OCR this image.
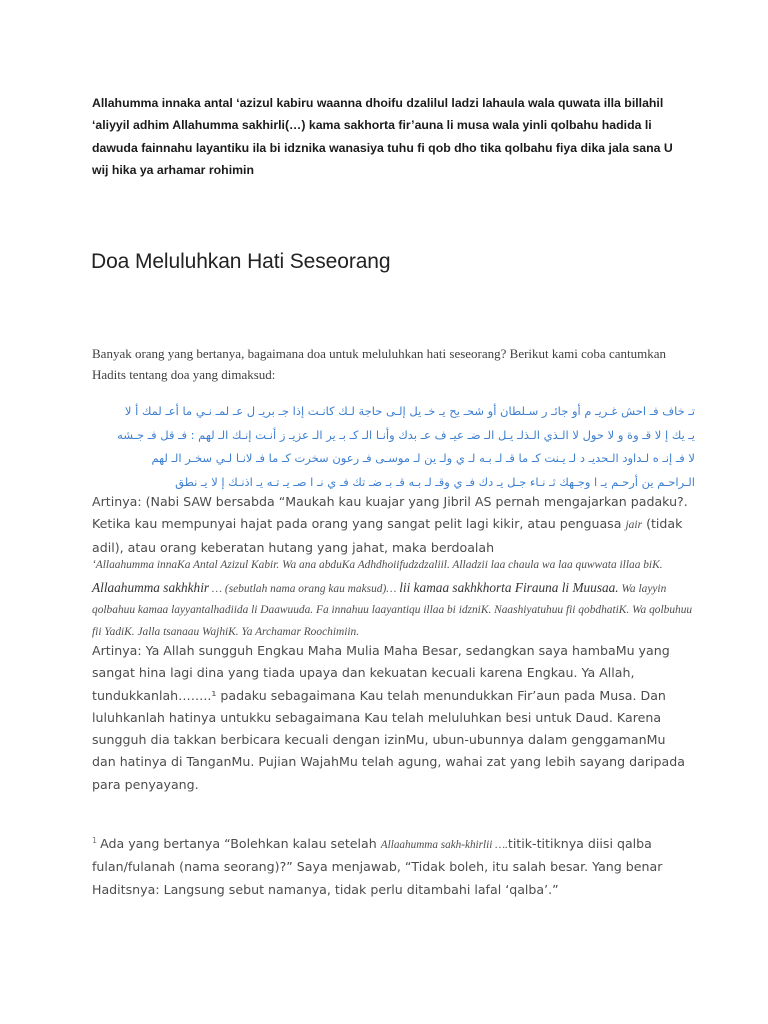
Allahumma innaka antal ‘azizul kabiru waanna dhoifu dzalilul ladzi lahaula wala quwata illa billahil ‘aliyyil adhim Allahumma sakhirli(…) kama sakhorta fir’auna li musa wala yinli qolbahu hadida li dawuda fainnahu layantiku ila bi idznika wanasiya tuhu fi qob dho tika qolbahu fiya dika jala sana U wij hika ya arhamar rohimin

Doa Meluluhkan Hati Seseorang

Banyak orang yang bertanya, bagaimana doa untuk meluluhkan hati seseorang? Berikut kami coba cantumkan Hadits tentang doa yang dimaksud:

تـ خاف فـ احش غـريـ م أو جائـ ر سـلطان أو شحـ يح يـ خـ يل إلـى حاجة لـك كانـت إذا جـ بريـ ل عـ لمـ نـي ما أعـ لمك أ لا
يـ يك إ لا قـ وة و لا حول لا الـذي الـذلـ يـل الـ ضـ عيـ ف عـ بدك وأنـا الـ كـ بـ ير الـ عزيـ ز أنـت إنـك الـ لهم : فـ قل فـ جـشه
لا فـ إنـ ه لـداود الـحديـ د لـ يـنت كـ ما قـ لـ بـه لـ ي ولـ ين لـ موسـى فـ رعون سخرت كـ ما فـ لانـا لـي سخـر الـ لهم
الـراحـم ين أرحـم يـ ا وجـهك ثـ نـاء جـل يـ دك فـ ي وقـ لـ بـه قـ بـ ضـ تك فـ ي نـ ا صـ يـ تـه يـ اذنـك إ لا يـ نطق

Artinya: (Nabi SAW bersabda “Maukah kau kuajar yang Jibril AS pernah mengajarkan padaku?. Ketika kau mempunyai hajat pada orang yang sangat pelit lagi kikir, atau penguasa jair (tidak adil), atau orang keberatan hutang yang jahat, maka berdoalah

‘Allaahumma innaKa Antal Azizul Kabir. Wa ana abduKa Adhdhoiifudzdzaliil. Alladzii laa chaula wa laa quwwata illaa biK. Allaahumma sakhkhir … (sebutlah nama orang kau maksud)… lii kamaa sakhkhorta Firauna li Muusaa. Wa layyin qolbahuu kamaa layyantalhadiida li Daawuuda. Fa innahuu laayantiqu illaa bi idzniK. Naashiyatuhuu fii qobdhatiK. Wa qolbuhuu fii YadiK. Jalla tsanaau WajhiK. Ya Archamar Roochimiin.

Artinya: Ya Allah sungguh Engkau Maha Mulia Maha Besar, sedangkan saya hambaMu yang sangat hina lagi dina yang tiada upaya dan kekuatan kecuali karena Engkau. Ya Allah, tundukkanlah……..¹ padaku sebagaimana Kau telah menundukkan Fir’aun pada Musa. Dan luluhkanlah hatinya untukku sebagaimana Kau telah meluluhkan besi untuk Daud. Karena sungguh dia takkan berbicara kecuali dengan izinMu, ubun-ubunnya dalam genggamanMu dan hatinya di TanganMu. Pujian WajahMu telah agung, wahai zat yang lebih sayang daripada para penyayang.

$^1$ Ada yang bertanya “Bolehkan kalau setelah Allaahumma sakh-khirlii ….titik-titiknya diisi qalba fulan/fulanah (nama seorang)?” Saya menjawab, “Tidak boleh, itu salah besar. Yang benar Haditsnya: Langsung sebut namanya, tidak perlu ditambahi lafal ‘qalba’.”
